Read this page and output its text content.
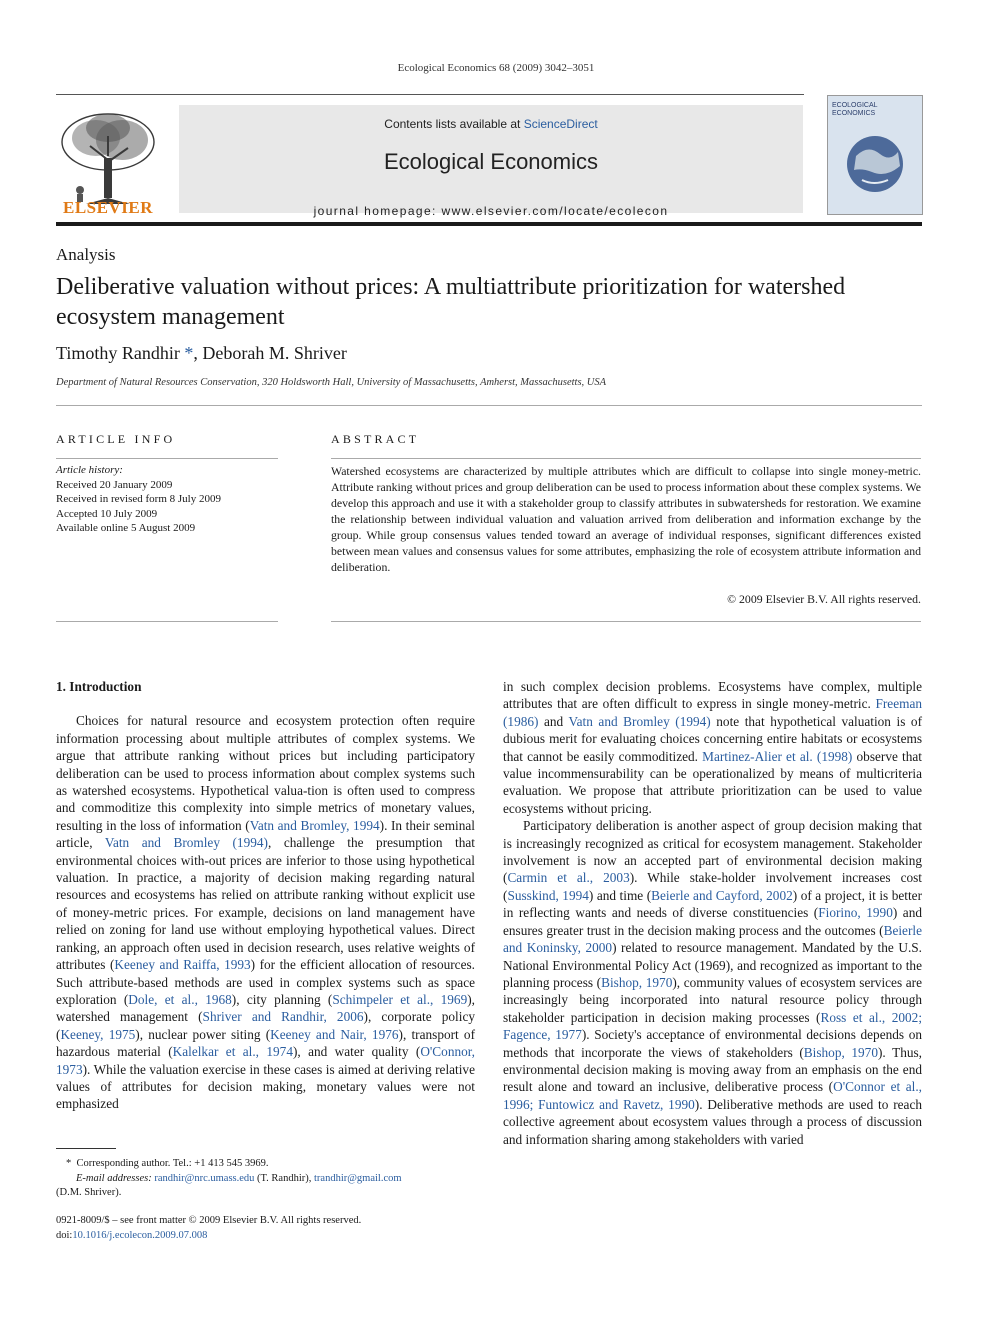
Ecological Economics 68 (2009) 3042–3051
ELSEVIER
Contents lists available at ScienceDirect
Ecological Economics
journal homepage: www.elsevier.com/locate/ecolecon
ECOLOGICAL ECONOMICS
Analysis
Deliberative valuation without prices: A multiattribute prioritization for watershed ecosystem management
Timothy Randhir *, Deborah M. Shriver
Department of Natural Resources Conservation, 320 Holdsworth Hall, University of Massachusetts, Amherst, Massachusetts, USA
ARTICLE INFO
Article history:
Received 20 January 2009
Received in revised form 8 July 2009
Accepted 10 July 2009
Available online 5 August 2009
ABSTRACT
Watershed ecosystems are characterized by multiple attributes which are difficult to collapse into single money-metric. Attribute ranking without prices and group deliberation can be used to process information about these complex systems. We develop this approach and use it with a stakeholder group to classify attributes in subwatersheds for restoration. We examine the relationship between individual valuation and valuation arrived from deliberation and information exchange by the group. While group consensus values tended toward an average of individual responses, significant differences existed between mean values and consensus values for some attributes, emphasizing the role of ecosystem attribute information and deliberation.
© 2009 Elsevier B.V. All rights reserved.

1. Introduction

Choices for natural resource and ecosystem protection often require information processing about multiple attributes of complex systems. We argue that attribute ranking without prices but including participatory deliberation can be used to process information about complex systems such as watershed ecosystems. Hypothetical valua-tion is often used to compress and commoditize this complexity into simple metrics of monetary values, resulting in the loss of information (Vatn and Bromley, 1994). In their seminal article, Vatn and Bromley (1994), challenge the presumption that environmental choices with-out prices are inferior to those using hypothetical valuation. In practice, a majority of decision making regarding natural resources and ecosystems has relied on attribute ranking without explicit use of money-metric prices. For example, decisions on land management have relied on zoning for land use without employing hypothetical values. Direct ranking, an approach often used in decision research, uses relative weights of attributes (Keeney and Raiffa, 1993) for the efficient allocation of resources. Such attribute-based methods are used in complex systems such as space exploration (Dole, et al., 1968), city planning (Schimpeler et al., 1969), watershed management (Shriver and Randhir, 2006), corporate policy (Keeney, 1975), nuclear power siting (Keeney and Nair, 1976), transport of hazardous material (Kalelkar et al., 1974), and water quality (O'Connor, 1973). While the valuation exercise in these cases is aimed at deriving relative values of attributes for decision making, monetary values were not emphasized

in such complex decision problems. Ecosystems have complex, multiple attributes that are often difficult to express in single money-metric. Freeman (1986) and Vatn and Bromley (1994) note that hypothetical valuation is of dubious merit for evaluating choices concerning entire habitats or ecosystems that cannot be easily commoditized. Martinez-Alier et al. (1998) observe that value incommensurability can be operationalized by means of multicriteria evaluation. We propose that attribute prioritization can be used to value ecosystems without pricing.

Participatory deliberation is another aspect of group decision making that is increasingly recognized as critical for ecosystem management. Stakeholder involvement is now an accepted part of environmental decision making (Carmin et al., 2003). While stake-holder involvement increases cost (Susskind, 1994) and time (Beierle and Cayford, 2002) of a project, it is better in reflecting wants and needs of diverse constituencies (Fiorino, 1990) and ensures greater trust in the decision making process and the outcomes (Beierle and Koninsky, 2000) related to resource management. Mandated by the U.S. National Environmental Policy Act (1969), and recognized as important to the planning process (Bishop, 1970), community values of ecosystem services are increasingly being incorporated into natural resource policy through stakeholder participation in decision making processes (Ross et al., 2002; Fagence, 1977). Society's acceptance of environmental decisions depends on methods that incorporate the views of stakeholders (Bishop, 1970). Thus, environmental decision making is moving away from an emphasis on the end result alone and toward an inclusive, deliberative process (O'Connor et al., 1996; Funtowicz and Ravetz, 1990). Deliberative methods are used to reach collective agreement about ecosystem values through a process of discussion and information sharing among stakeholders with varied

* Corresponding author. Tel.: +1 413 545 3969.
E-mail addresses: randhir@nrc.umass.edu (T. Randhir), trandhir@gmail.com
(D.M. Shriver).
0921-8009/$ – see front matter © 2009 Elsevier B.V. All rights reserved.
doi:10.1016/j.ecolecon.2009.07.008
